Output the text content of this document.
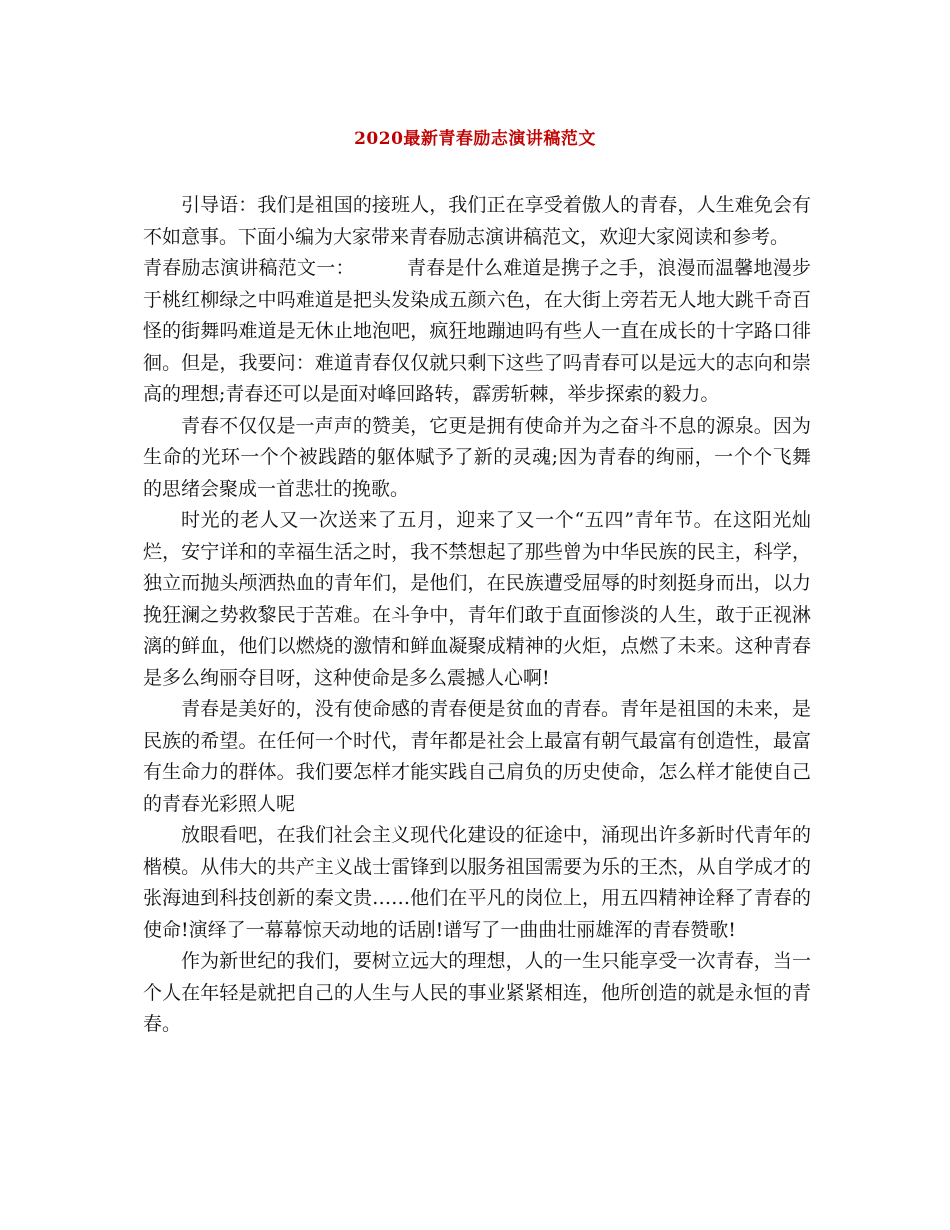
2020最新青春励志演讲稿范文

引导语：我们是祖国的接班人，我们正在享受着傲人的青春，人生难免会有不如意事。下面小编为大家带来青春励志演讲稿范文，欢迎大家阅读和参考。

青春励志演讲稿范文一：	青春是什么难道是携子之手，浪漫而温馨地漫步于桃红柳绿之中吗难道是把头发染成五颜六色，在大街上旁若无人地大跳千奇百怪的街舞吗难道是无休止地泡吧，疯狂地蹦迪吗有些人一直在成长的十字路口徘徊。但是，我要问：难道青春仅仅就只剩下这些了吗青春可以是远大的志向和崇高的理想;青春还可以是面对峰回路转，霹雳斩棘，举步探索的毅力。

青春不仅仅是一声声的赞美，它更是拥有使命并为之奋斗不息的源泉。因为生命的光环一个个被践踏的躯体赋予了新的灵魂;因为青春的绚丽，一个个飞舞的思绪会聚成一首悲壮的挽歌。

时光的老人又一次送来了五月，迎来了又一个“五四”青年节。在这阳光灿烂，安宁详和的幸福生活之时，我不禁想起了那些曾为中华民族的民主，科学，独立而抛头颅洒热血的青年们，是他们，在民族遭受屈辱的时刻挺身而出，以力挽狂澜之势救黎民于苦难。在斗争中，青年们敢于直面惨淡的人生，敢于正视淋漓的鲜血，他们以燃烧的激情和鲜血凝聚成精神的火炬，点燃了未来。这种青春是多么绚丽夺目呀，这种使命是多么震撼人心啊!

青春是美好的，没有使命感的青春便是贫血的青春。青年是祖国的未来，是民族的希望。在任何一个时代，青年都是社会上最富有朝气最富有创造性，最富有生命力的群体。我们要怎样才能实践自己肩负的历史使命，怎么样才能使自己的青春光彩照人呢

放眼看吧，在我们社会主义现代化建设的征途中，涌现出许多新时代青年的楷模。从伟大的共产主义战士雷锋到以服务祖国需要为乐的王杰，从自学成才的张海迪到科技创新的秦文贵……他们在平凡的岗位上，用五四精神诠释了青春的使命!演绎了一幕幕惊天动地的话剧!谱写了一曲曲壮丽雄浑的青春赞歌!

作为新世纪的我们，要树立远大的理想，人的一生只能享受一次青春，当一个人在年轻是就把自己的人生与人民的事业紧紧相连，他所创造的就是永恒的青春。
